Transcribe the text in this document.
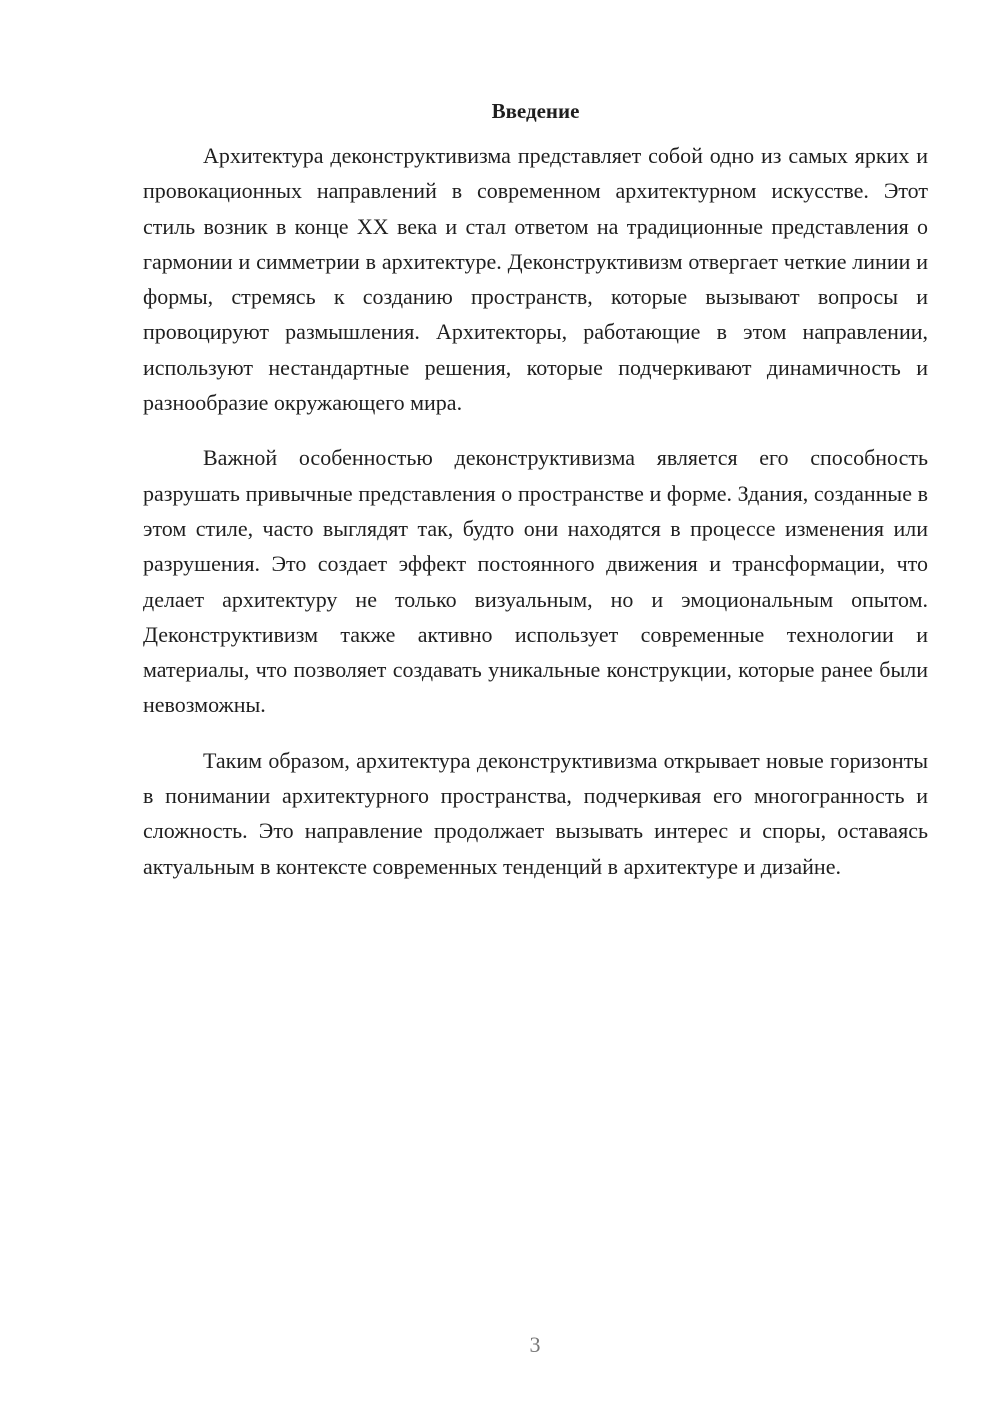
Введение

Архитектура деконструктивизма представляет собой одно из самых ярких и провокационных направлений в современном архитектурном искусстве. Этот стиль возник в конце XX века и стал ответом на традиционные представления о гармонии и симметрии в архитектуре. Деконструктивизм отвергает четкие линии и формы, стремясь к созданию пространств, которые вызывают вопросы и провоцируют размышления. Архитекторы, работающие в этом направлении, используют нестандартные решения, которые подчеркивают динамичность и разнообразие окружающего мира.

Важной особенностью деконструктивизма является его способность разрушать привычные представления о пространстве и форме. Здания, созданные в этом стиле, часто выглядят так, будто они находятся в процессе изменения или разрушения. Это создает эффект постоянного движения и трансформации, что делает архитектуру не только визуальным, но и эмоциональным опытом. Деконструктивизм также активно использует современные технологии и материалы, что позволяет создавать уникальные конструкции, которые ранее были невозможны.

Таким образом, архитектура деконструктивизма открывает новые горизонты в понимании архитектурного пространства, подчеркивая его многогранность и сложность. Это направление продолжает вызывать интерес и споры, оставаясь актуальным в контексте современных тенденций в архитектуре и дизайне.

3
